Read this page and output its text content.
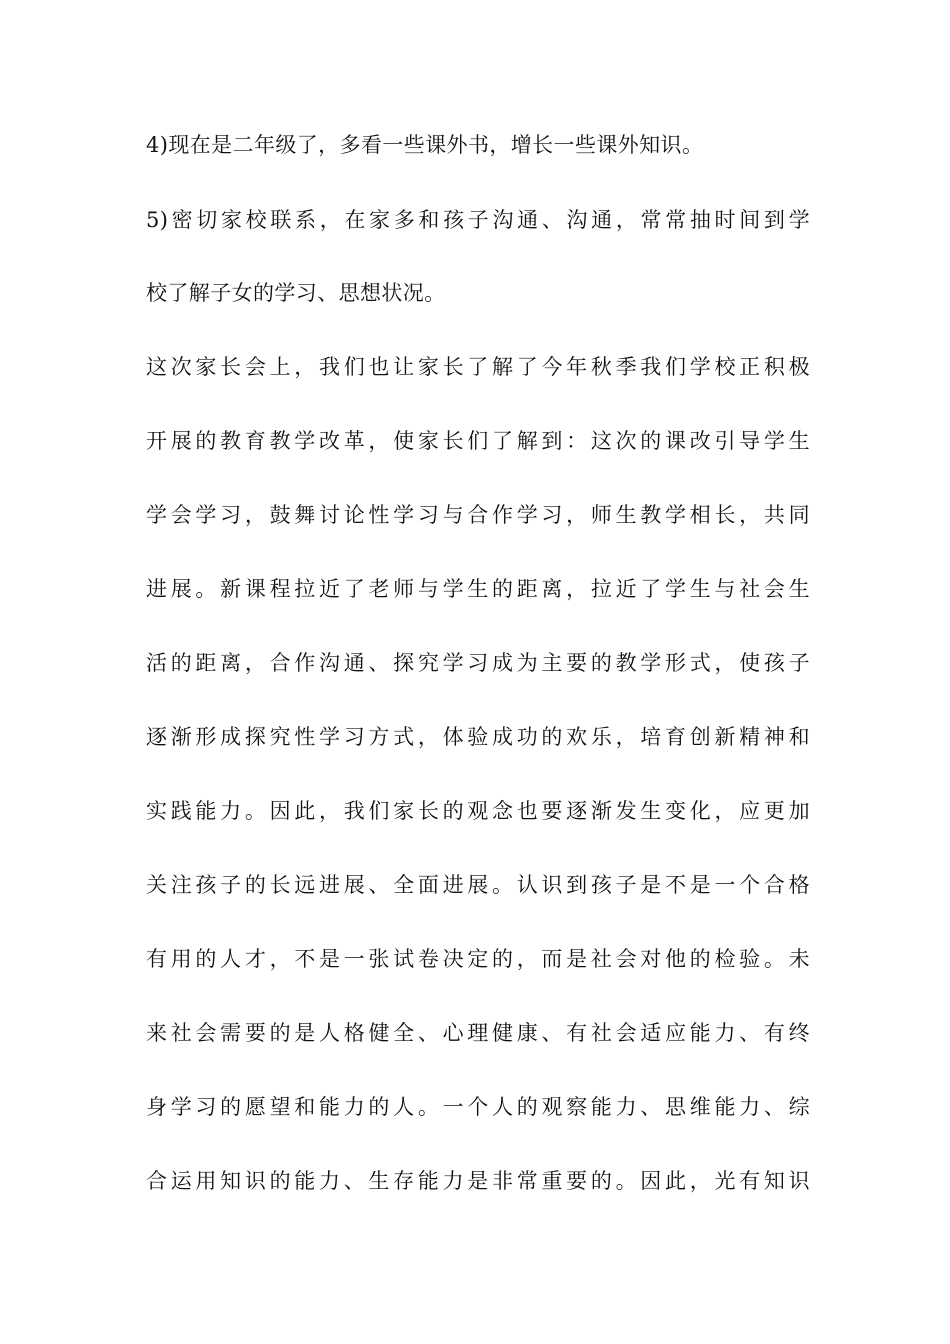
4)现在是二年级了，多看一些课外书，增长一些课外知识。
5)密切家校联系，在家多和孩子沟通、沟通，常常抽时间到学
校了解子女的学习、思想状况。
这次家长会上，我们也让家长了解了今年秋季我们学校正积极
开展的教育教学改革，使家长们了解到：这次的课改引导学生
学会学习，鼓舞讨论性学习与合作学习，师生教学相长，共同
进展。新课程拉近了老师与学生的距离，拉近了学生与社会生
活的距离，合作沟通、探究学习成为主要的教学形式，使孩子
逐渐形成探究性学习方式，体验成功的欢乐，培育创新精神和
实践能力。因此，我们家长的观念也要逐渐发生变化，应更加
关注孩子的长远进展、全面进展。认识到孩子是不是一个合格
有用的人才，不是一张试卷决定的，而是社会对他的检验。未
来社会需要的是人格健全、心理健康、有社会适应能力、有终
身学习的愿望和能力的人。一个人的观察能力、思维能力、综
合运用知识的能力、生存能力是非常重要的。因此，光有知识
